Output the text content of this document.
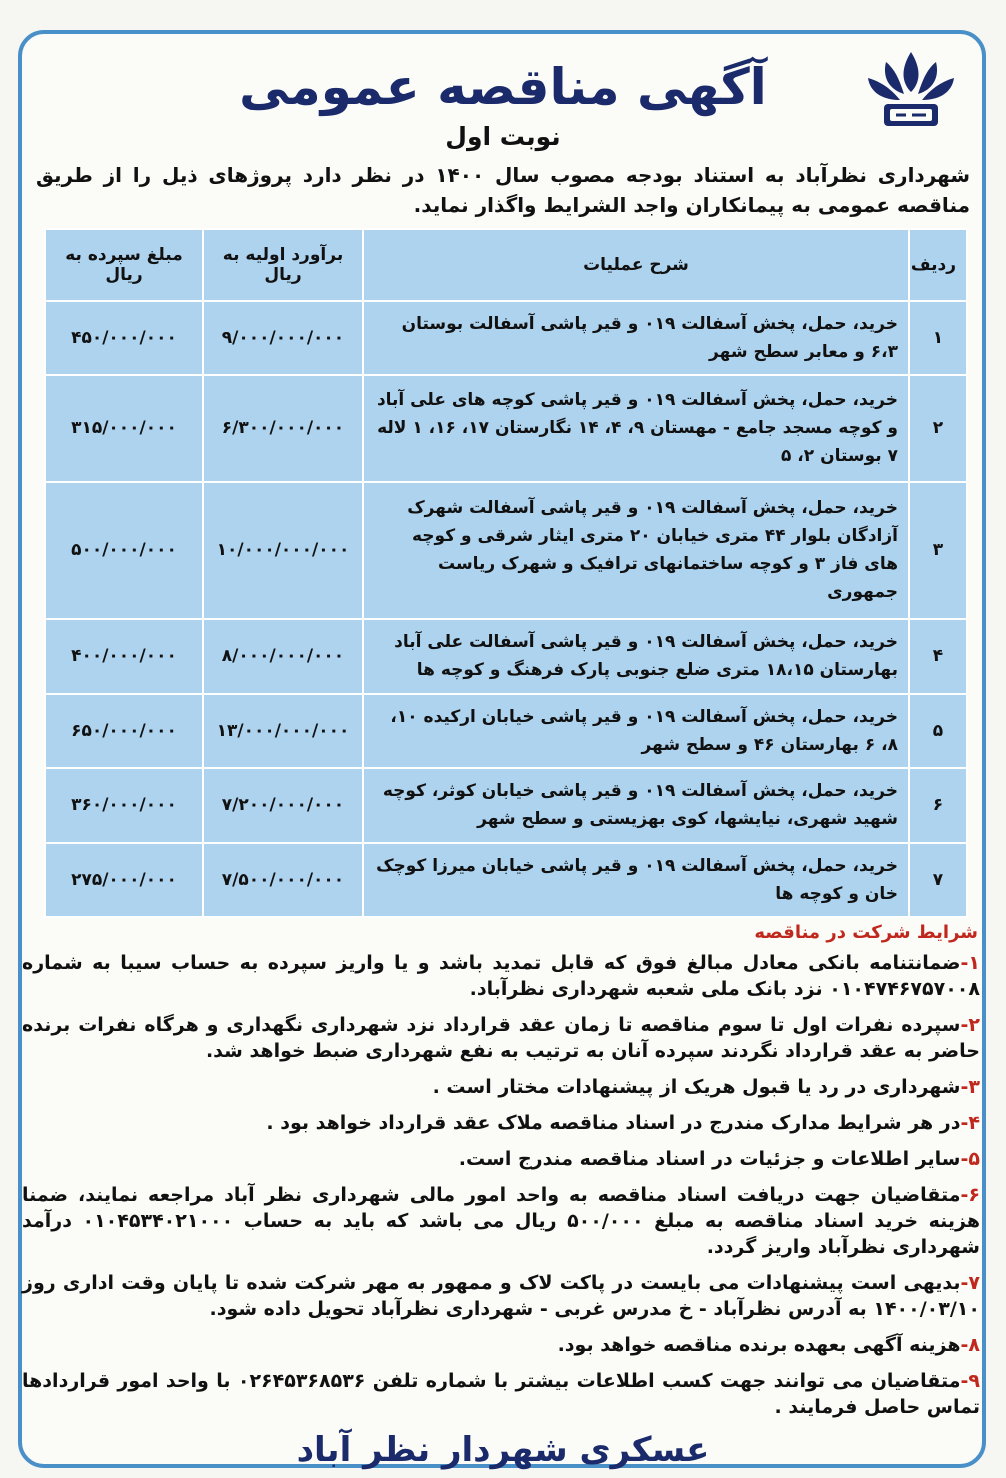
آگهی مناقصه عمومی
نوبت اول
شهرداری نظرآباد به استناد بودجه مصوب سال ۱۴۰۰ در نظر دارد پروژهای ذیل را از طریق مناقصه عمومی به پیمانکاران واجد الشرایط واگذار نماید.
ردیف	شرح عملیات	برآورد اولیه به ریال	مبلغ سپرده به ریال
۱	خرید، حمل، پخش آسفالت ۰۱۹ و قیر پاشی آسفالت بوستان ۶،۳ و معابر سطح شهر	۹/۰۰۰/۰۰۰/۰۰۰	۴۵۰/۰۰۰/۰۰۰
۲	خرید، حمل، پخش آسفالت ۰۱۹ و قیر پاشی کوچه های علی آباد و کوچه مسجد جامع - مهستان ۹، ۴، ۱۴ نگارستان ۱۷، ۱۶، ۱ لاله ۷ بوستان ۲، ۵	۶/۳۰۰/۰۰۰/۰۰۰	۳۱۵/۰۰۰/۰۰۰
۳	خرید، حمل، پخش آسفالت ۰۱۹ و قیر پاشی آسفالت شهرک آزادگان بلوار ۴۴ متری خیابان ۲۰ متری ایثار شرقی و کوچه های فاز ۳ و کوچه ساختمانهای ترافیک و شهرک ریاست جمهوری	۱۰/۰۰۰/۰۰۰/۰۰۰	۵۰۰/۰۰۰/۰۰۰
۴	خرید، حمل، پخش آسفالت ۰۱۹ و قیر پاشی آسفالت علی آباد بهارستان ۱۸،۱۵ متری ضلع جنوبی پارک فرهنگ و کوچه ها	۸/۰۰۰/۰۰۰/۰۰۰	۴۰۰/۰۰۰/۰۰۰
۵	خرید، حمل، پخش آسفالت ۰۱۹ و قیر پاشی خیابان ارکیده ۱۰، ۸، ۶ بهارستان ۴۶ و سطح شهر	۱۳/۰۰۰/۰۰۰/۰۰۰	۶۵۰/۰۰۰/۰۰۰
۶	خرید، حمل، پخش آسفالت ۰۱۹ و قیر پاشی خیابان کوثر، کوچه شهید شهری، نیایشها، کوی بهزیستی و سطح شهر	۷/۲۰۰/۰۰۰/۰۰۰	۳۶۰/۰۰۰/۰۰۰
۷	خرید، حمل، پخش آسفالت ۰۱۹ و قیر پاشی خیابان میرزا کوچک خان و کوچه ها	۷/۵۰۰/۰۰۰/۰۰۰	۲۷۵/۰۰۰/۰۰۰
شرایط شرکت در مناقصه
۱-ضمانتنامه بانکی معادل مبالغ فوق که قابل تمدید باشد و یا واریز سپرده به حساب سیبا به شماره ۰۱۰۴۷۴۶۷۵۷۰۰۸ نزد بانک ملی شعبه شهرداری نظرآباد.
۲-سپرده نفرات اول تا سوم مناقصه تا زمان عقد قرارداد نزد شهرداری نگهداری و هرگاه نفرات برنده حاضر به عقد قرارداد نگردند سپرده آنان به ترتیب به نفع شهرداری ضبط خواهد شد.
۳-شهرداری در رد یا قبول هریک از پیشنهادات مختار است .
۴-در هر شرایط مدارک مندرج در اسناد مناقصه ملاک عقد قرارداد خواهد بود .
۵-سایر اطلاعات و جزئیات در اسناد مناقصه مندرج است.
۶-متقاضیان جهت دریافت اسناد مناقصه به واحد امور مالی شهرداری نظر آباد مراجعه نمایند، ضمنا هزینه خرید اسناد مناقصه به مبلغ ۵۰۰/۰۰۰ ریال می باشد که باید به حساب ۰۱۰۴۵۳۴۰۲۱۰۰۰ درآمد شهرداری نظرآباد واریز گردد.
۷-بدیهی است پیشنهادات می بایست در پاکت لاک و ممهور به مهر شرکت شده تا پایان وقت اداری روز ۱۴۰۰/۰۳/۱۰ به آدرس نظرآباد - خ مدرس غربی - شهرداری نظرآباد تحویل داده شود.
۸-هزینه آگهی بعهده برنده مناقصه خواهد بود.
۹-متقاضیان می توانند جهت کسب اطلاعات بیشتر با شماره تلفن ۰۲۶۴۵۳۶۸۵۳۶ با واحد امور قراردادها تماس حاصل فرمایند .
عسکری شهردار نظر آباد
